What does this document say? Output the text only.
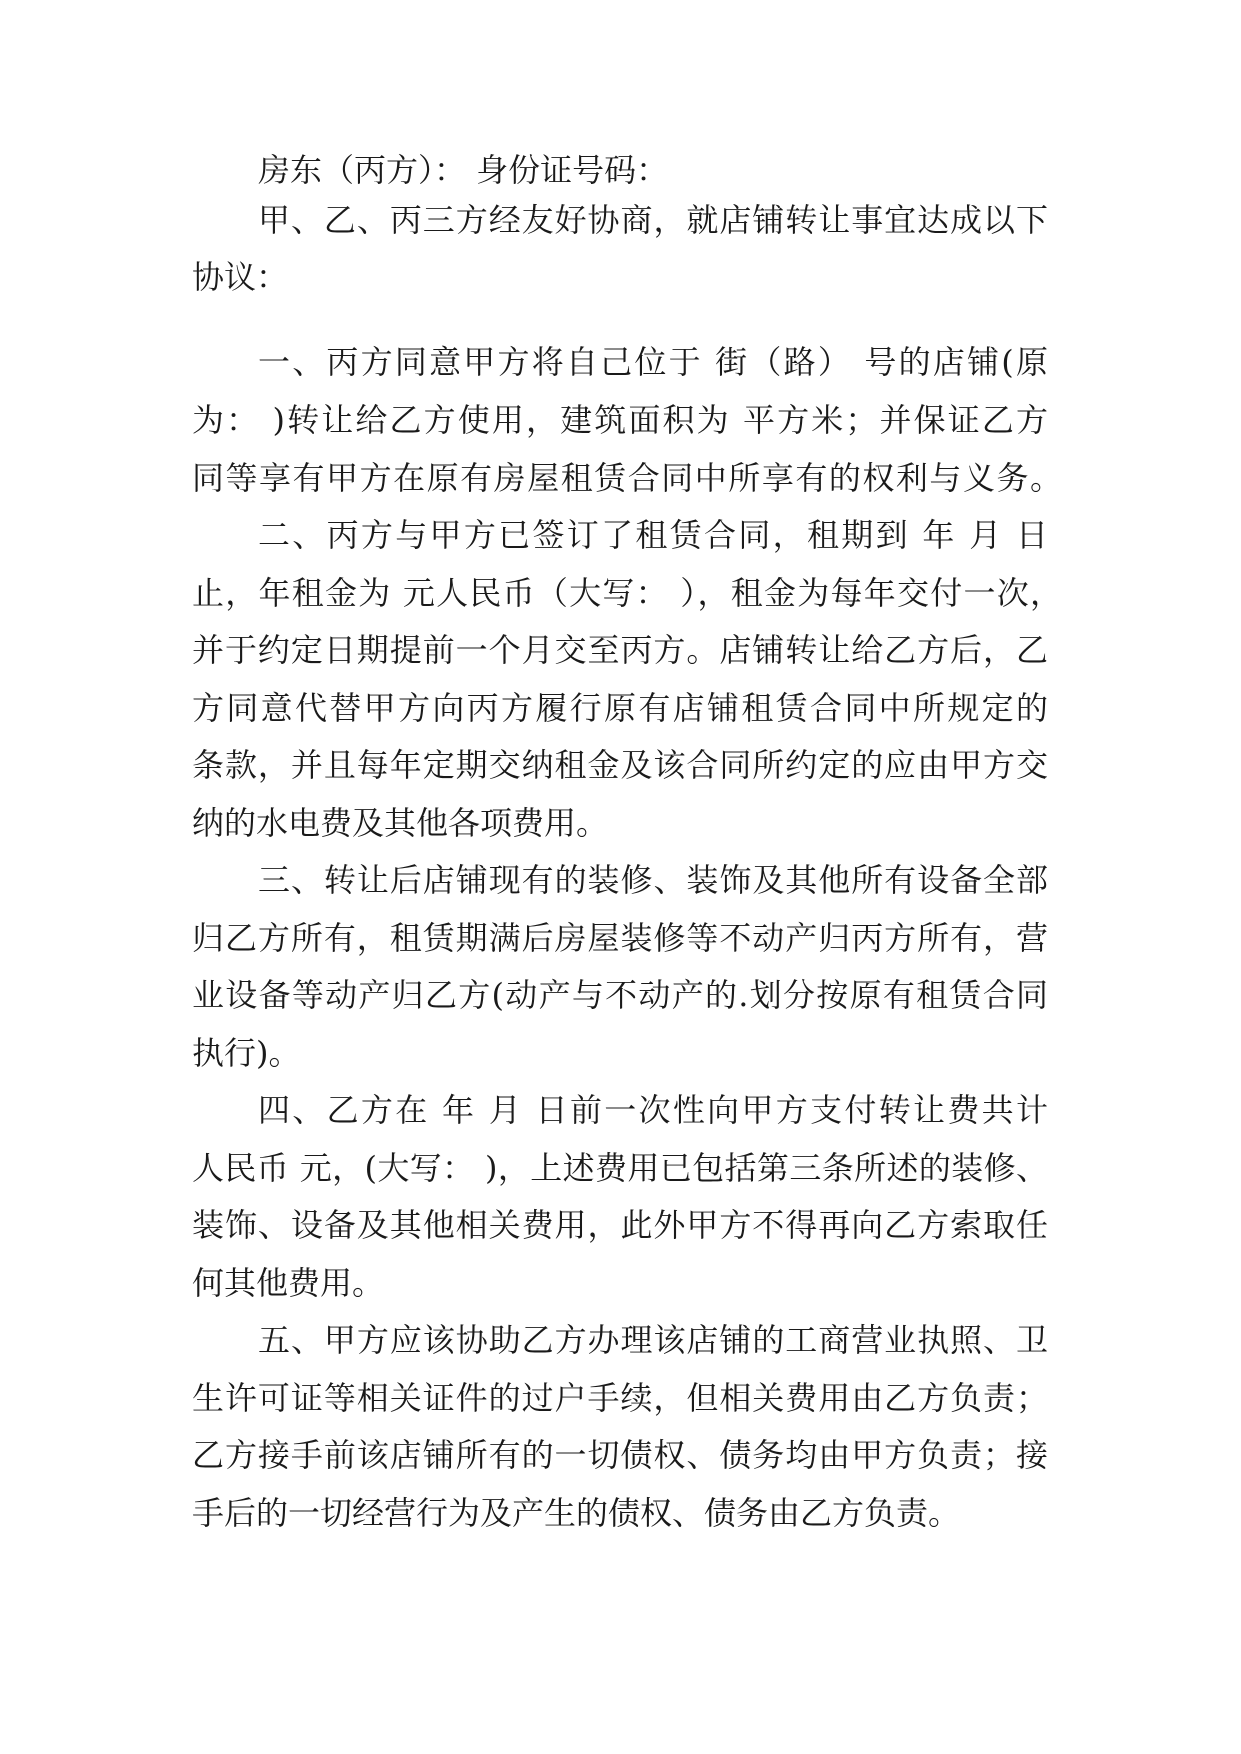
房东（丙方）： 身份证号码：
甲、乙、丙三方经友好协商，就店铺转让事宜达成以下
协议：
一、丙方同意甲方将自己位于 街（路） 号的店铺(原
为： )转让给乙方使用，建筑面积为 平方米；并保证乙方
同等享有甲方在原有房屋租赁合同中所享有的权利与义务。
二、丙方与甲方已签订了租赁合同，租期到 年 月 日
止，年租金为 元人民币（大写： ），租金为每年交付一次，
并于约定日期提前一个月交至丙方。店铺转让给乙方后，乙
方同意代替甲方向丙方履行原有店铺租赁合同中所规定的
条款，并且每年定期交纳租金及该合同所约定的应由甲方交
纳的水电费及其他各项费用。
三、转让后店铺现有的装修、装饰及其他所有设备全部
归乙方所有，租赁期满后房屋装修等不动产归丙方所有，营
业设备等动产归乙方(动产与不动产的.划分按原有租赁合同
执行)。
四、乙方在 年 月 日前一次性向甲方支付转让费共计
人民币 元，(大写： )，上述费用已包括第三条所述的装修、
装饰、设备及其他相关费用，此外甲方不得再向乙方索取任
何其他费用。
五、甲方应该协助乙方办理该店铺的工商营业执照、卫
生许可证等相关证件的过户手续，但相关费用由乙方负责；
乙方接手前该店铺所有的一切债权、债务均由甲方负责；接
手后的一切经营行为及产生的债权、债务由乙方负责。
